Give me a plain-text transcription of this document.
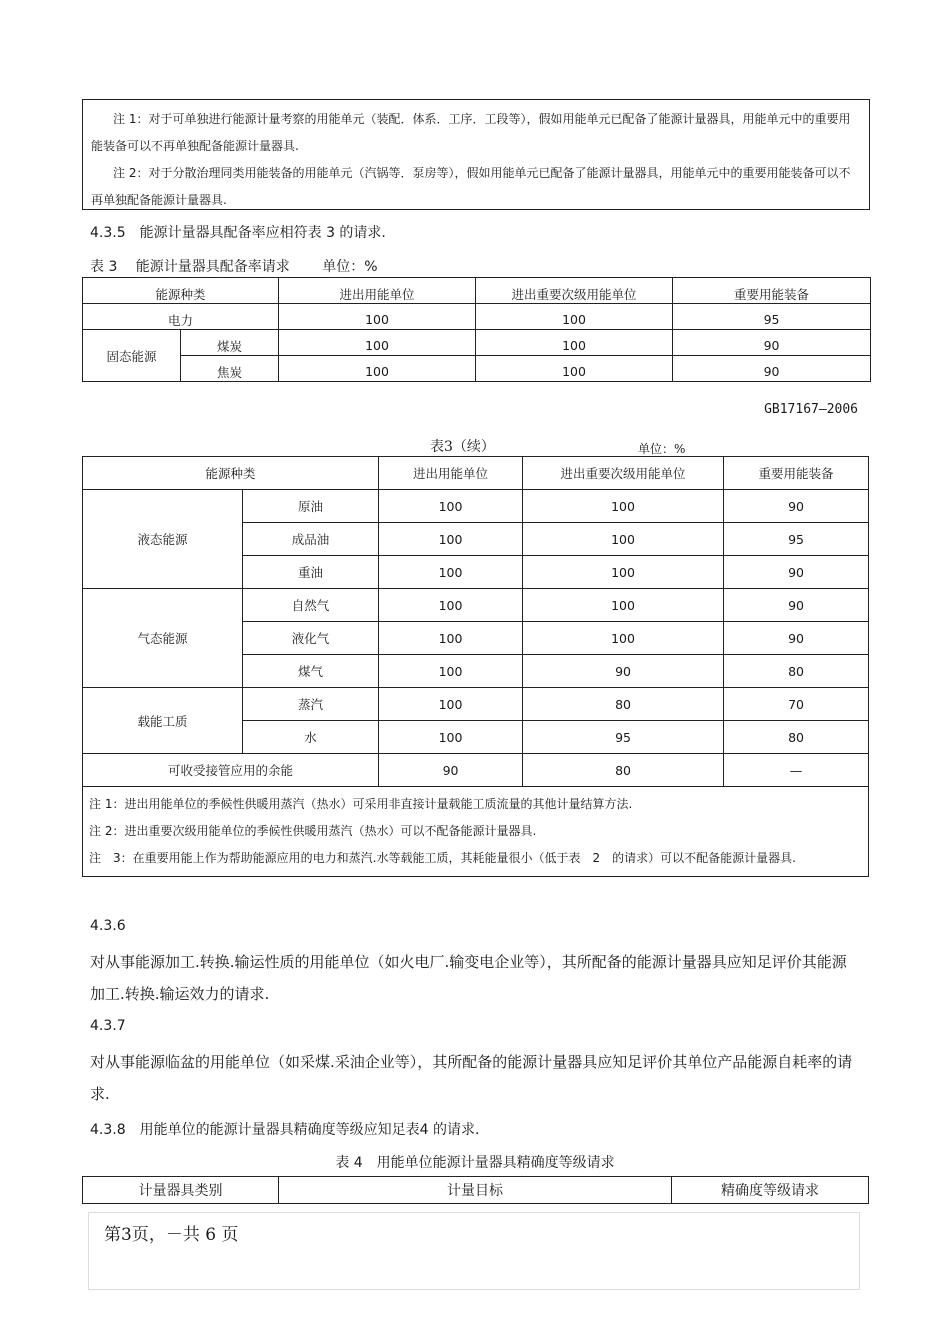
注 1：对于可单独进行能源计量考察的用能单元（装配．体系．工序．工段等），假如用能单元已配备了能源计量器具，用能单元中的重要用能装备可以不再单独配备能源计量器具.

注 2：对于分散治理同类用能装备的用能单元（汽锅等．泵房等），假如用能单元已配备了能源计量器具，用能单元中的重要用能装备可以不再单独配备能源计量器具.

4.3.5　能源计量器具配备率应相符表 3 的请求.
表 3　 能源计量器具配备率请求　　 单位：%
能源种类		进出用能单位	进出重要次级用能单位	重要用能装备
电力		100	100	95
固态能源	煤炭	100	100	90
	焦炭	100	100	90
GB17167—2006
表3（续）	单位：%
能源种类		进出用能单位	进出重要次级用能单位	重要用能装备
液态能源	原油	100	100	90
	成品油	100	100	95
	重油	100	100	90
气态能源	自然气	100	100	90
	液化气	100	100	90
	煤气	100	90	80
载能工质	蒸汽	100	80	70
	水	100	95	80
可收受接管应用的余能		90	80	—

注 1：进出用能单位的季候性供暖用蒸汽（热水）可采用非直接计量载能工质流量的其他计量结算方法.

注 2：进出重要次级用能单位的季候性供暖用蒸汽（热水）可以不配备能源计量器具.

注　3：在重要用能上作为帮助能源应用的电力和蒸汽.水等载能工质，其耗能量很小（低于表　2　的请求）可以不配备能源计量器具.				

4.3.6
对从事能源加工.转换.输运性质的用能单位（如火电厂.输变电企业等），其所配备的能源计量器具应知足评价其能源加工.转换.输运效力的请求.
4.3.7
对从事能源临盆的用能单位（如采煤.采油企业等），其所配备的能源计量器具应知足评价其单位产品能源自耗率的请求.
4.3.8　用能单位的能源计量器具精确度等级应知足表4 的请求.
表 4　用能单位能源计量器具精确度等级请求
计量器具类别	计量目标	精确度等级请求
第3页，－共 6 页
